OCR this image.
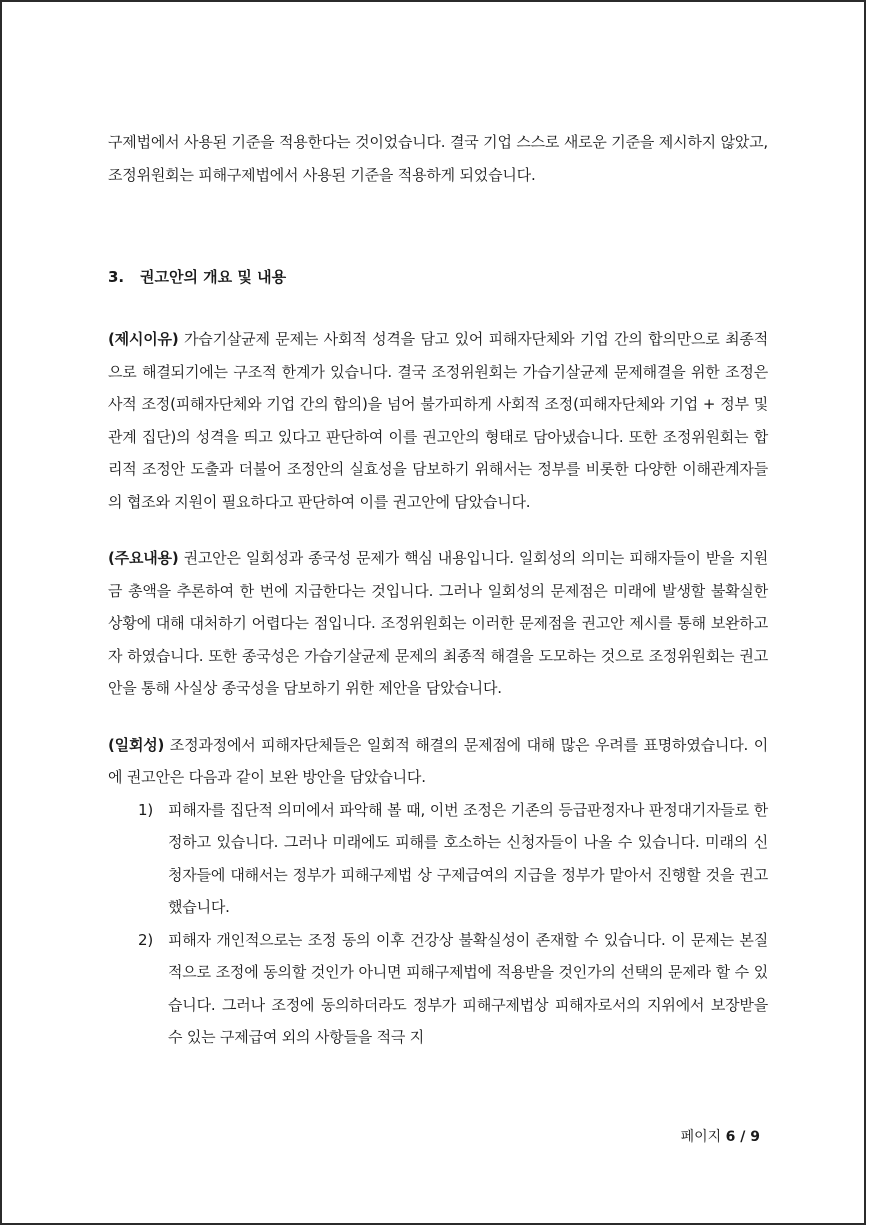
구제법에서 사용된 기준을 적용한다는 것이었습니다. 결국 기업 스스로 새로운 기준을 제시하지 않았고, 조정위원회는 피해구제법에서 사용된 기준을 적용하게 되었습니다.

3. 권고안의 개요 및 내용

(제시이유) 가습기살균제 문제는 사회적 성격을 담고 있어 피해자단체와 기업 간의 합의만으로 최종적으로 해결되기에는 구조적 한계가 있습니다. 결국 조정위원회는 가습기살균제 문제해결을 위한 조정은 사적 조정(피해자단체와 기업 간의 합의)을 넘어 불가피하게 사회적 조정(피해자단체와 기업 + 정부 및 관계 집단)의 성격을 띄고 있다고 판단하여 이를 권고안의 형태로 담아냈습니다. 또한 조정위원회는 합리적 조정안 도출과 더불어 조정안의 실효성을 담보하기 위해서는 정부를 비롯한 다양한 이해관계자들의 협조와 지원이 필요하다고 판단하여 이를 권고안에 담았습니다.

(주요내용) 권고안은 일회성과 종국성 문제가 핵심 내용입니다. 일회성의 의미는 피해자들이 받을 지원금 총액을 추론하여 한 번에 지급한다는 것입니다. 그러나 일회성의 문제점은 미래에 발생할 불확실한 상황에 대해 대처하기 어렵다는 점입니다. 조정위원회는 이러한 문제점을 권고안 제시를 통해 보완하고자 하였습니다. 또한 종국성은 가습기살균제 문제의 최종적 해결을 도모하는 것으로 조정위원회는 권고안을 통해 사실상 종국성을 담보하기 위한 제안을 담았습니다.

(일회성) 조정과정에서 피해자단체들은 일회적 해결의 문제점에 대해 많은 우려를 표명하였습니다. 이에 권고안은 다음과 같이 보완 방안을 담았습니다.

1) 피해자를 집단적 의미에서 파악해 볼 때, 이번 조정은 기존의 등급판정자나 판정대기자들로 한정하고 있습니다. 그러나 미래에도 피해를 호소하는 신청자들이 나올 수 있습니다. 미래의 신청자들에 대해서는 정부가 피해구제법 상 구제급여의 지급을 정부가 맡아서 진행할 것을 권고했습니다.
2) 피해자 개인적으로는 조정 동의 이후 건강상 불확실성이 존재할 수 있습니다. 이 문제는 본질적으로 조정에 동의할 것인가 아니면 피해구제법에 적용받을 것인가의 선택의 문제라 할 수 있습니다. 그러나 조정에 동의하더라도 정부가 피해구제법상 피해자로서의 지위에서 보장받을 수 있는 구제급여 외의 사항들을 적극 지
페이지 6 / 9
